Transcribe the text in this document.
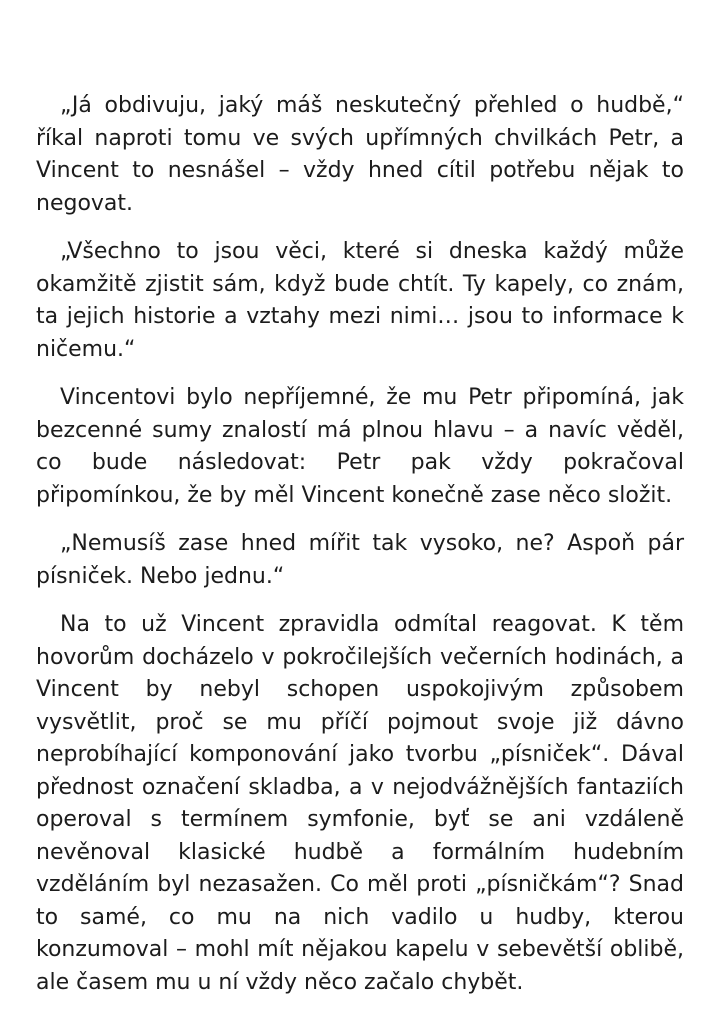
„Já obdivuju, jaký máš neskutečný přehled o hudbě,“ říkal naproti tomu ve svých upřímných chvilkách Petr, a Vincent to nesnášel – vždy hned cítil potřebu nějak to negovat.

„Všechno to jsou věci, které si dneska každý může okamžitě zjistit sám, když bude chtít. Ty kapely, co znám, ta jejich historie a vztahy mezi nimi… jsou to informace k ničemu.“

Vincentovi bylo nepříjemné, že mu Petr připomíná, jak bezcenné sumy znalostí má plnou hlavu – a navíc věděl, co bude následovat: Petr pak vždy pokračoval připomínkou, že by měl Vincent konečně zase něco složit.

„Nemusíš zase hned mířit tak vysoko, ne? Aspoň pár písniček. Nebo jednu.“

Na to už Vincent zpravidla odmítal reagovat. K těm hovorům docházelo v pokročilejších večerních hodinách, a Vincent by nebyl schopen uspokojivým způsobem vysvětlit, proč se mu příčí pojmout svoje již dávno neprobíhající komponování jako tvorbu „písniček“. Dával přednost označení skladba, a v nejodvážnějších fantaziích operoval s termínem symfonie, byť se ani vzdáleně nevěnoval klasické hudbě a formálním hudebním vzděláním byl nezasažen. Co měl proti „písničkám“? Snad to samé, co mu na nich vadilo u hudby, kterou konzumoval – mohl mít nějakou kapelu v sebevětší oblibě, ale časem mu u ní vždy něco začalo chybět.
